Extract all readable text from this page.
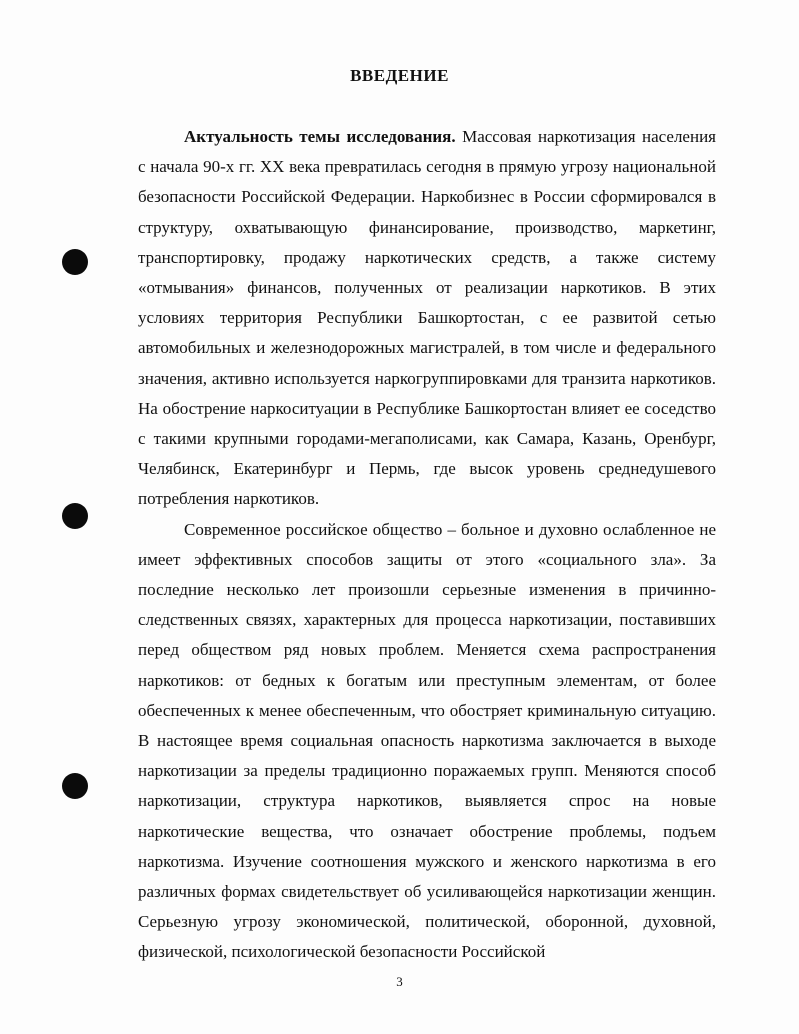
ВВЕДЕНИЕ

Актуальность темы исследования. Массовая наркотизация населения с начала 90-х гг. XX века превратилась сегодня в прямую угрозу национальной безопасности Российской Федерации. Наркобизнес в России сформировался в структуру, охватывающую финансирование, производство, маркетинг, транспортировку, продажу наркотических средств, а также систему «отмывания» финансов, полученных от реализации наркотиков. В этих условиях территория Республики Башкортостан, с ее развитой сетью автомобильных и железнодорожных магистралей, в том числе и федерального значения, активно используется наркогруппировками для транзита наркотиков. На обострение наркоситуации в Республике Башкортостан влияет ее соседство с такими крупными городами-мегаполисами, как Самара, Казань, Оренбург, Челябинск, Екатеринбург и Пермь, где высок уровень среднедушевого потребления наркотиков.

Современное российское общество – больное и духовно ослабленное не имеет эффективных способов защиты от этого «социального зла». За последние несколько лет произошли серьезные изменения в причинно-следственных связях, характерных для процесса наркотизации, поставивших перед обществом ряд новых проблем. Меняется схема распространения наркотиков: от бедных к богатым или преступным элементам, от более обеспеченных к менее обеспеченным, что обостряет криминальную ситуацию. В настоящее время социальная опасность наркотизма заключается в выходе наркотизации за пределы традиционно поражаемых групп. Меняются способ наркотизации, структура наркотиков, выявляется спрос на новые наркотические вещества, что означает обострение проблемы, подъем наркотизма. Изучение соотношения мужского и женского наркотизма в его различных формах свидетельствует об усиливающейся наркотизации женщин. Серьезную угрозу экономической, политической, оборонной, духовной, физической, психологической безопасности Российской

3
